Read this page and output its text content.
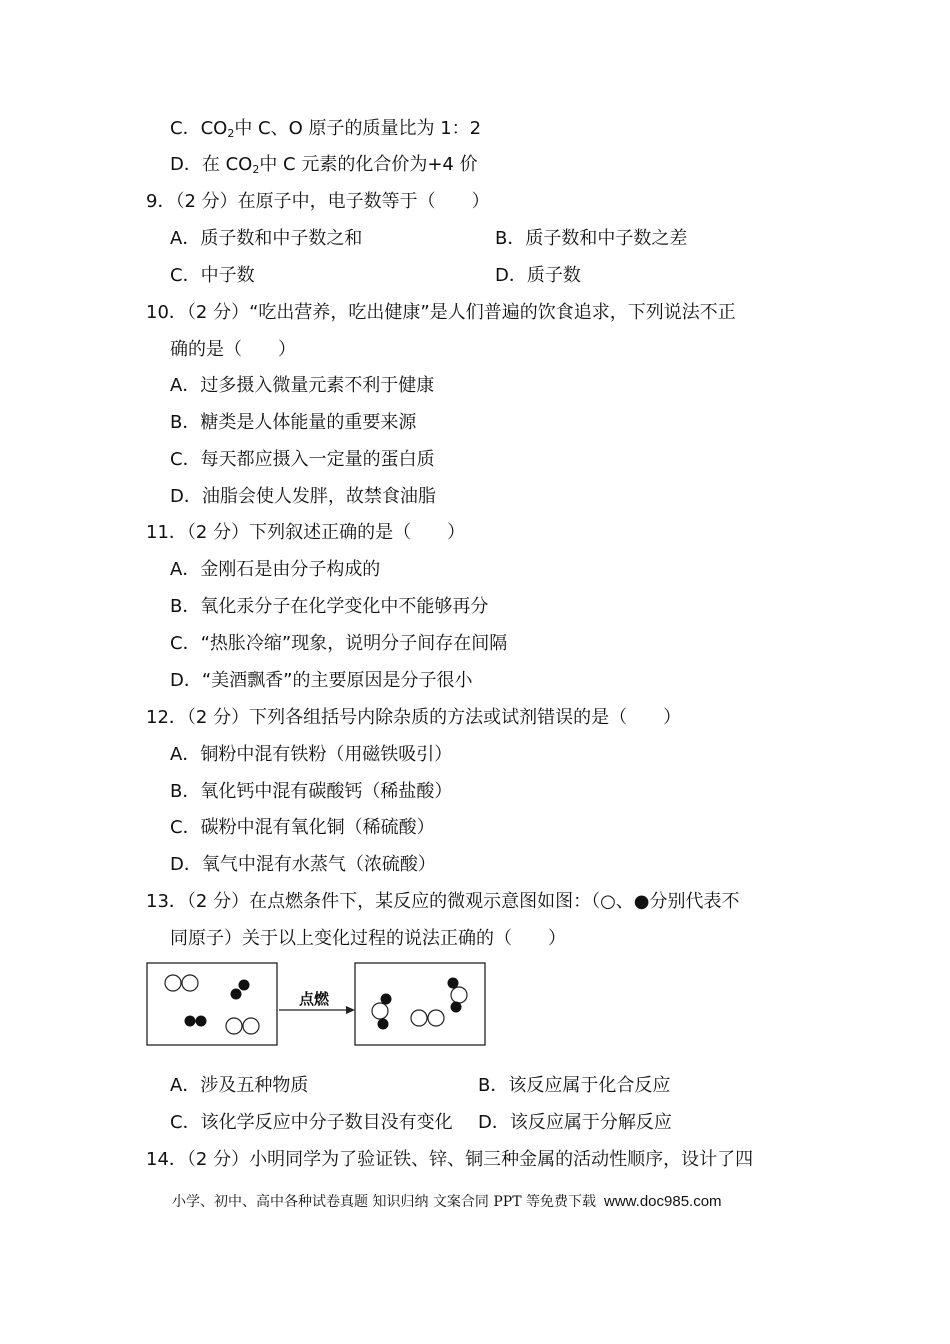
C．$CO_2$中 C、O 原子的质量比为 1：2
D．在 $CO_2$中 C 元素的化合价为+4 价
9．（2 分）在原子中，电子数等于（　　）
A．质子数和中子数之和	B．质子数和中子数之差
C．中子数	D．质子数
10．（2 分）“吃出营养，吃出健康”是人们普遍的饮食追求，下列说法不正
确的是（　　）
A．过多摄入微量元素不利于健康
B．糖类是人体能量的重要来源
C．每天都应摄入一定量的蛋白质
D．油脂会使人发胖，故禁食油脂
11．（2 分）下列叙述正确的是（　　）
A．金刚石是由分子构成的
B．氧化汞分子在化学变化中不能够再分
C．“热胀冷缩”现象，说明分子间存在间隔
D．“美酒飘香”的主要原因是分子很小
12．（2 分）下列各组括号内除杂质的方法或试剂错误的是（　　）
A．铜粉中混有铁粉（用磁铁吸引）
B．氧化钙中混有碳酸钙（稀盐酸）
C．碳粉中混有氧化铜（稀硫酸）
D．氧气中混有水蒸气（浓硫酸）
13．（2 分）在点燃条件下，某反应的微观示意图如图：（○、●分别代表不
同原子）关于以上变化过程的说法正确的（　　）
点燃
A．涉及五种物质	B．该反应属于化合反应
C．该化学反应中分子数目没有变化 D．该反应属于分解反应
14．（2 分）小明同学为了验证铁、锌、铜三种金属的活动性顺序，设计了四
小学、初中、高中各种试卷真题 知识归纳 文案合同 PPT 等免费下载 www.doc985.com
